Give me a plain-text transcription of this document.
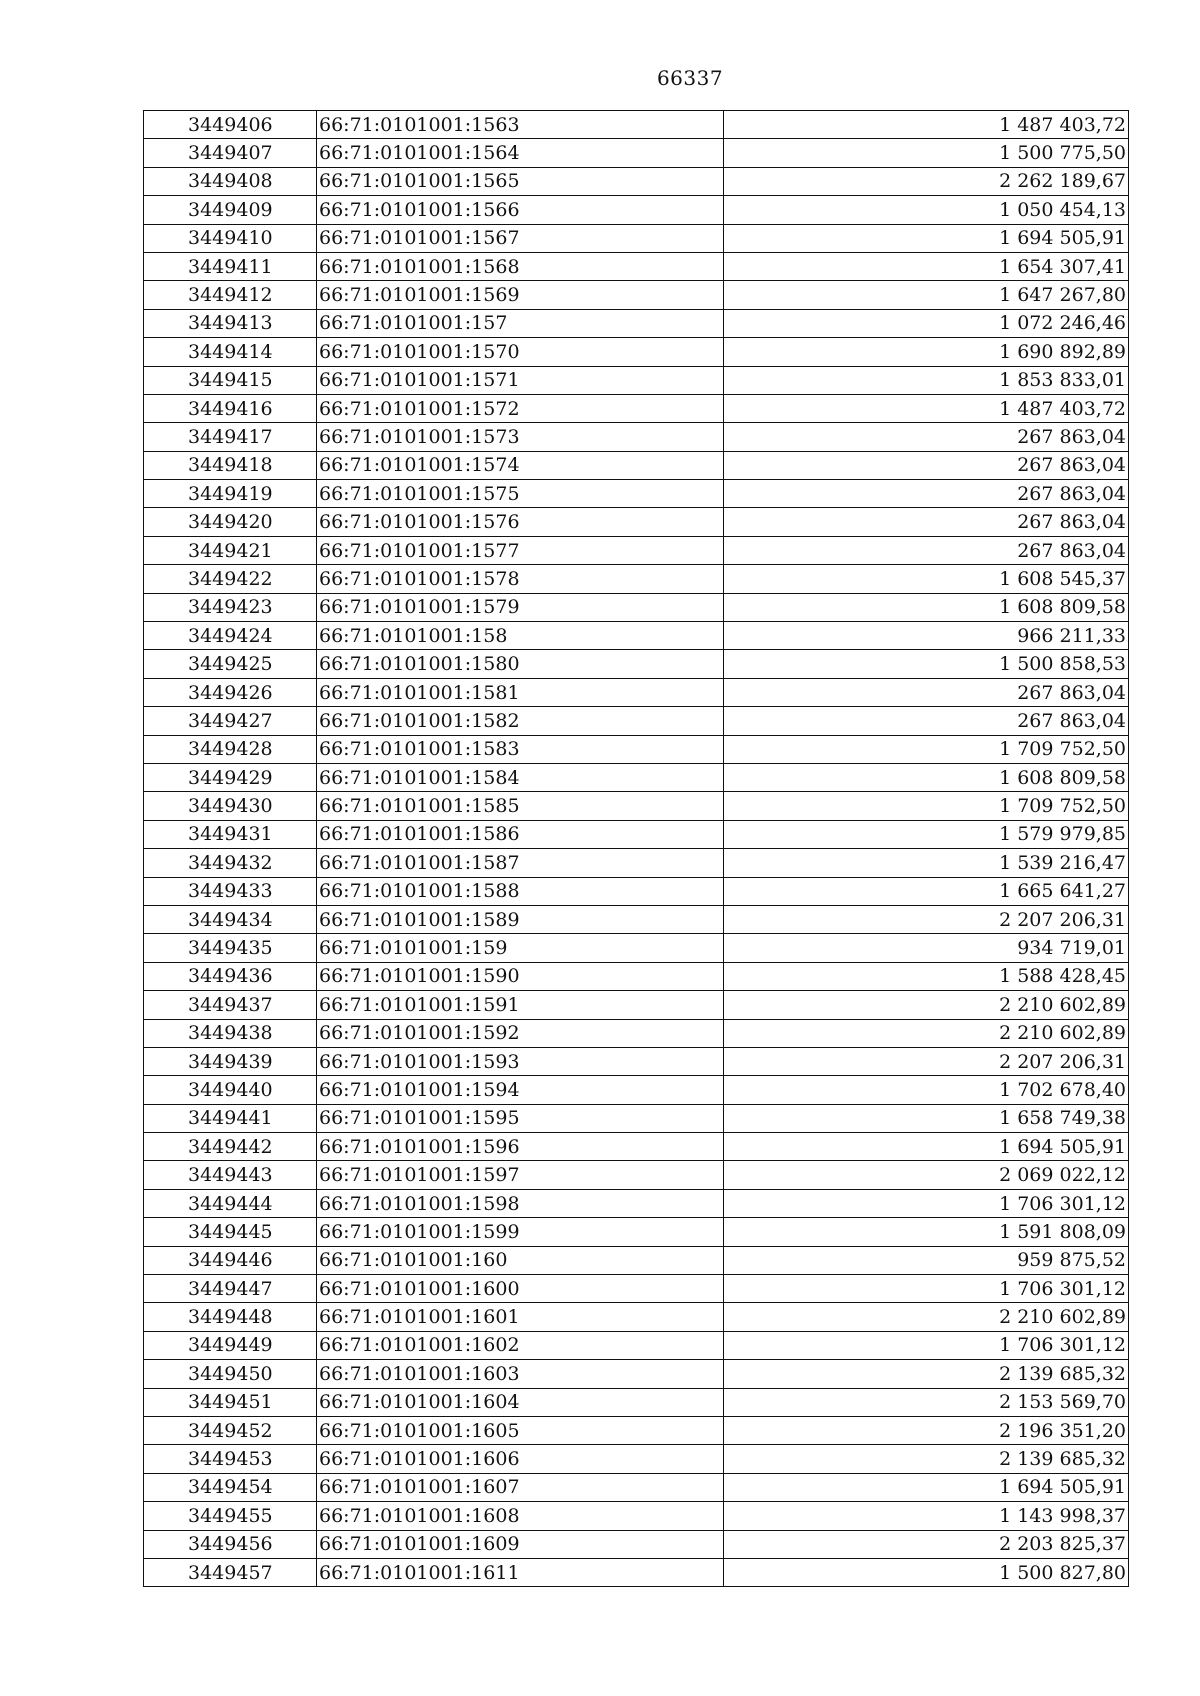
66337
3449406	66:71:0101001:1563	1 487 403,72
3449407	66:71:0101001:1564	1 500 775,50
3449408	66:71:0101001:1565	2 262 189,67
3449409	66:71:0101001:1566	1 050 454,13
3449410	66:71:0101001:1567	1 694 505,91
3449411	66:71:0101001:1568	1 654 307,41
3449412	66:71:0101001:1569	1 647 267,80
3449413	66:71:0101001:157	1 072 246,46
3449414	66:71:0101001:1570	1 690 892,89
3449415	66:71:0101001:1571	1 853 833,01
3449416	66:71:0101001:1572	1 487 403,72
3449417	66:71:0101001:1573	267 863,04
3449418	66:71:0101001:1574	267 863,04
3449419	66:71:0101001:1575	267 863,04
3449420	66:71:0101001:1576	267 863,04
3449421	66:71:0101001:1577	267 863,04
3449422	66:71:0101001:1578	1 608 545,37
3449423	66:71:0101001:1579	1 608 809,58
3449424	66:71:0101001:158	966 211,33
3449425	66:71:0101001:1580	1 500 858,53
3449426	66:71:0101001:1581	267 863,04
3449427	66:71:0101001:1582	267 863,04
3449428	66:71:0101001:1583	1 709 752,50
3449429	66:71:0101001:1584	1 608 809,58
3449430	66:71:0101001:1585	1 709 752,50
3449431	66:71:0101001:1586	1 579 979,85
3449432	66:71:0101001:1587	1 539 216,47
3449433	66:71:0101001:1588	1 665 641,27
3449434	66:71:0101001:1589	2 207 206,31
3449435	66:71:0101001:159	934 719,01
3449436	66:71:0101001:1590	1 588 428,45
3449437	66:71:0101001:1591	2 210 602,89
3449438	66:71:0101001:1592	2 210 602,89
3449439	66:71:0101001:1593	2 207 206,31
3449440	66:71:0101001:1594	1 702 678,40
3449441	66:71:0101001:1595	1 658 749,38
3449442	66:71:0101001:1596	1 694 505,91
3449443	66:71:0101001:1597	2 069 022,12
3449444	66:71:0101001:1598	1 706 301,12
3449445	66:71:0101001:1599	1 591 808,09
3449446	66:71:0101001:160	959 875,52
3449447	66:71:0101001:1600	1 706 301,12
3449448	66:71:0101001:1601	2 210 602,89
3449449	66:71:0101001:1602	1 706 301,12
3449450	66:71:0101001:1603	2 139 685,32
3449451	66:71:0101001:1604	2 153 569,70
3449452	66:71:0101001:1605	2 196 351,20
3449453	66:71:0101001:1606	2 139 685,32
3449454	66:71:0101001:1607	1 694 505,91
3449455	66:71:0101001:1608	1 143 998,37
3449456	66:71:0101001:1609	2 203 825,37
3449457	66:71:0101001:1611	1 500 827,80
